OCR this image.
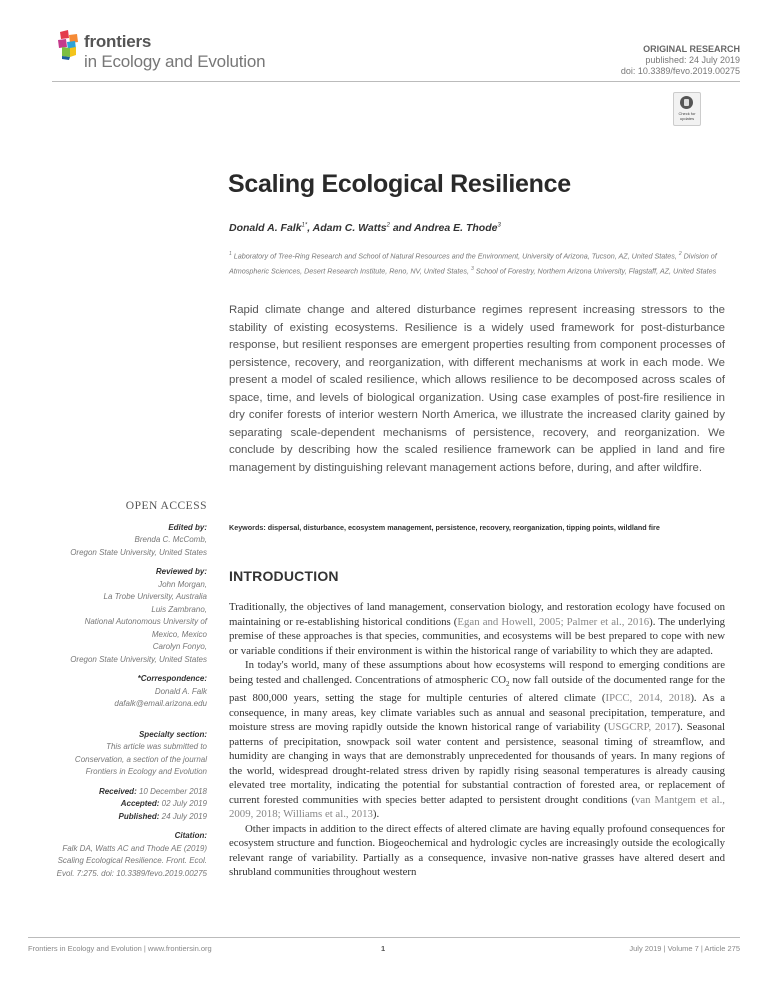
frontiers
in Ecology and Evolution
ORIGINAL RESEARCH
published: 24 July 2019
doi: 10.3389/fevo.2019.00275
Check for updates
Scaling Ecological Resilience
Donald A. Falk$^{1*}$, Adam C. Watts$^2$ and Andrea E. Thode$^3$
$^1$ Laboratory of Tree-Ring Research and School of Natural Resources and the Environment, University of Arizona, Tucson, AZ, United States, $^2$ Division of Atmospheric Sciences, Desert Research Institute, Reno, NV, United States, $^3$ School of Forestry, Northern Arizona University, Flagstaff, AZ, United States
Rapid climate change and altered disturbance regimes represent increasing stressors to the stability of existing ecosystems. Resilience is a widely used framework for post-disturbance response, but resilient responses are emergent properties resulting from component processes of persistence, recovery, and reorganization, with different mechanisms at work in each mode. We present a model of scaled resilience, which allows resilience to be decomposed across scales of space, time, and levels of biological organization. Using case examples of post-fire resilience in dry conifer forests of interior western North America, we illustrate the increased clarity gained by separating scale-dependent mechanisms of persistence, recovery, and reorganization. We conclude by describing how the scaled resilience framework can be applied in land and fire management by distinguishing relevant management actions before, during, and after wildfire.
Keywords: dispersal, disturbance, ecosystem management, persistence, recovery, reorganization, tipping points, wildland fire
INTRODUCTION

Traditionally, the objectives of land management, conservation biology, and restoration ecology have focused on maintaining or re-establishing historical conditions (Egan and Howell, 2005; Palmer et al., 2016). The underlying premise of these approaches is that species, communities, and ecosystems will be best prepared to cope with new or variable conditions if their environment is within the historical range of variability to which they are adapted.

In today's world, many of these assumptions about how ecosystems will respond to emerging conditions are being tested and challenged. Concentrations of atmospheric $CO_2$ now fall outside of the documented range for the past 800,000 years, setting the stage for multiple centuries of altered climate (IPCC, 2014, 2018). As a consequence, in many areas, key climate variables such as annual and seasonal precipitation, temperature, and moisture stress are moving rapidly outside the known historical range of variability (USGCRP, 2017). Seasonal patterns of precipitation, snowpack soil water content and persistence, seasonal timing of streamflow, and humidity are changing in ways that are demonstrably unprecedented for thousands of years. In many regions of the world, widespread drought-related stress driven by rapidly rising seasonal temperatures is already causing elevated tree mortality, indicating the potential for substantial contraction of forested area, or replacement of current forested communities with species better adapted to persistent drought conditions (van Mantgem et al., 2009, 2018; Williams et al., 2013).

Other impacts in addition to the direct effects of altered climate are having equally profound consequences for ecosystem structure and function. Biogeochemical and hydrologic cycles are increasingly outside the ecologically relevant range of variability. Partially as a consequence, invasive non-native grasses have altered desert and shrubland communities throughout western

OPEN ACCESS
Edited by:
Brenda C. McComb,
Oregon State University, United States
Reviewed by:
John Morgan,
La Trobe University, Australia
Luis Zambrano,
National Autonomous University of Mexico, Mexico
Carolyn Fonyo,
Oregon State University, United States
*Correspondence:
Donald A. Falk
dafalk@email.arizona.edu
Specialty section:
This article was submitted to Conservation, a section of the journal Frontiers in Ecology and Evolution
Received: 10 December 2018
Accepted: 02 July 2019
Published: 24 July 2019
Citation:
Falk DA, Watts AC and Thode AE (2019) Scaling Ecological Resilience. Front. Ecol. Evol. 7:275. doi: 10.3389/fevo.2019.00275
Frontiers in Ecology and Evolution | www.frontiersin.org	1	July 2019 | Volume 7 | Article 275
